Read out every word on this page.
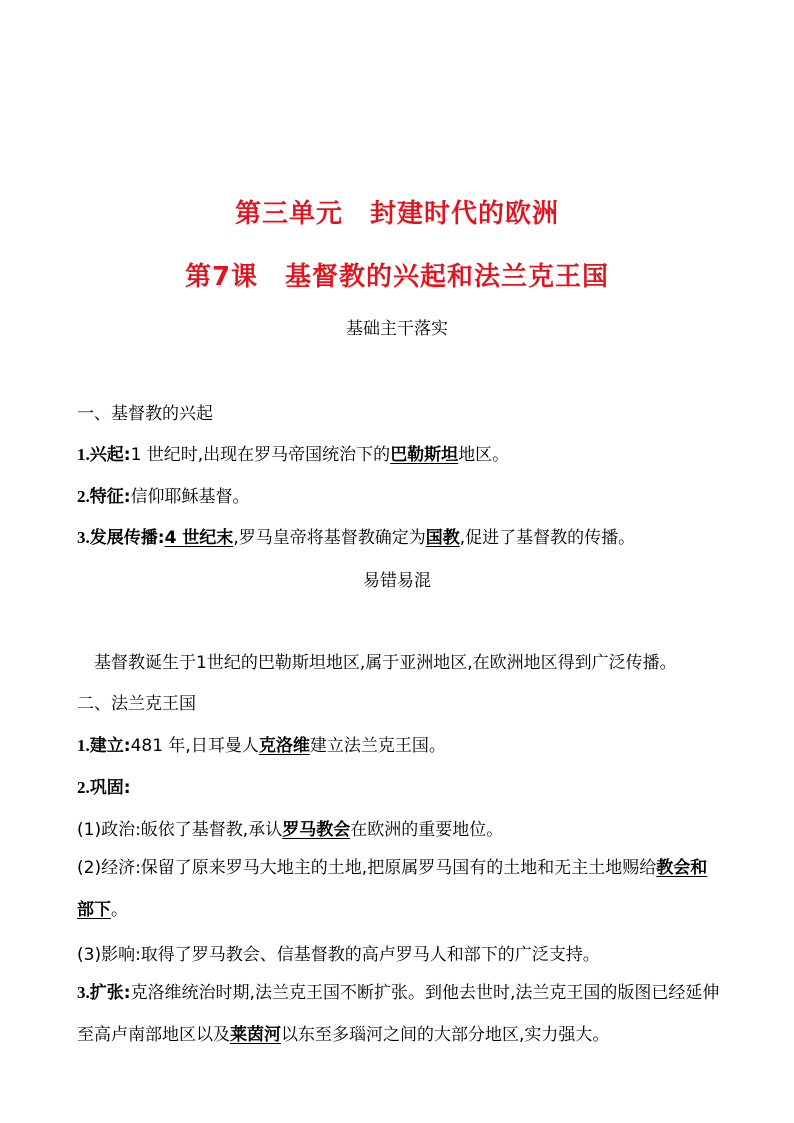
第三单元　封建时代的欧洲
第7课　基督教的兴起和法兰克王国
基础主干落实
一、基督教的兴起
1.兴起:1 世纪时,出现在罗马帝国统治下的巴勒斯坦地区。
2.特征:信仰耶稣基督。
3.发展传播:4 世纪末,罗马皇帝将基督教确定为国教,促进了基督教的传播。
易错易混
基督教诞生于1世纪的巴勒斯坦地区,属于亚洲地区,在欧洲地区得到广泛传播。
二、法兰克王国
1.建立:481 年,日耳曼人克洛维建立法兰克王国。
2.巩固:
(1)政治:皈依了基督教,承认罗马教会在欧洲的重要地位。
(2)经济:保留了原来罗马大地主的土地,把原属罗马国有的土地和无主土地赐给教会和部下。
(3)影响:取得了罗马教会、信基督教的高卢罗马人和部下的广泛支持。
3.扩张:克洛维统治时期,法兰克王国不断扩张。到他去世时,法兰克王国的版图已经延伸至高卢南部地区以及莱茵河以东至多瑙河之间的大部分地区,实力强大。
